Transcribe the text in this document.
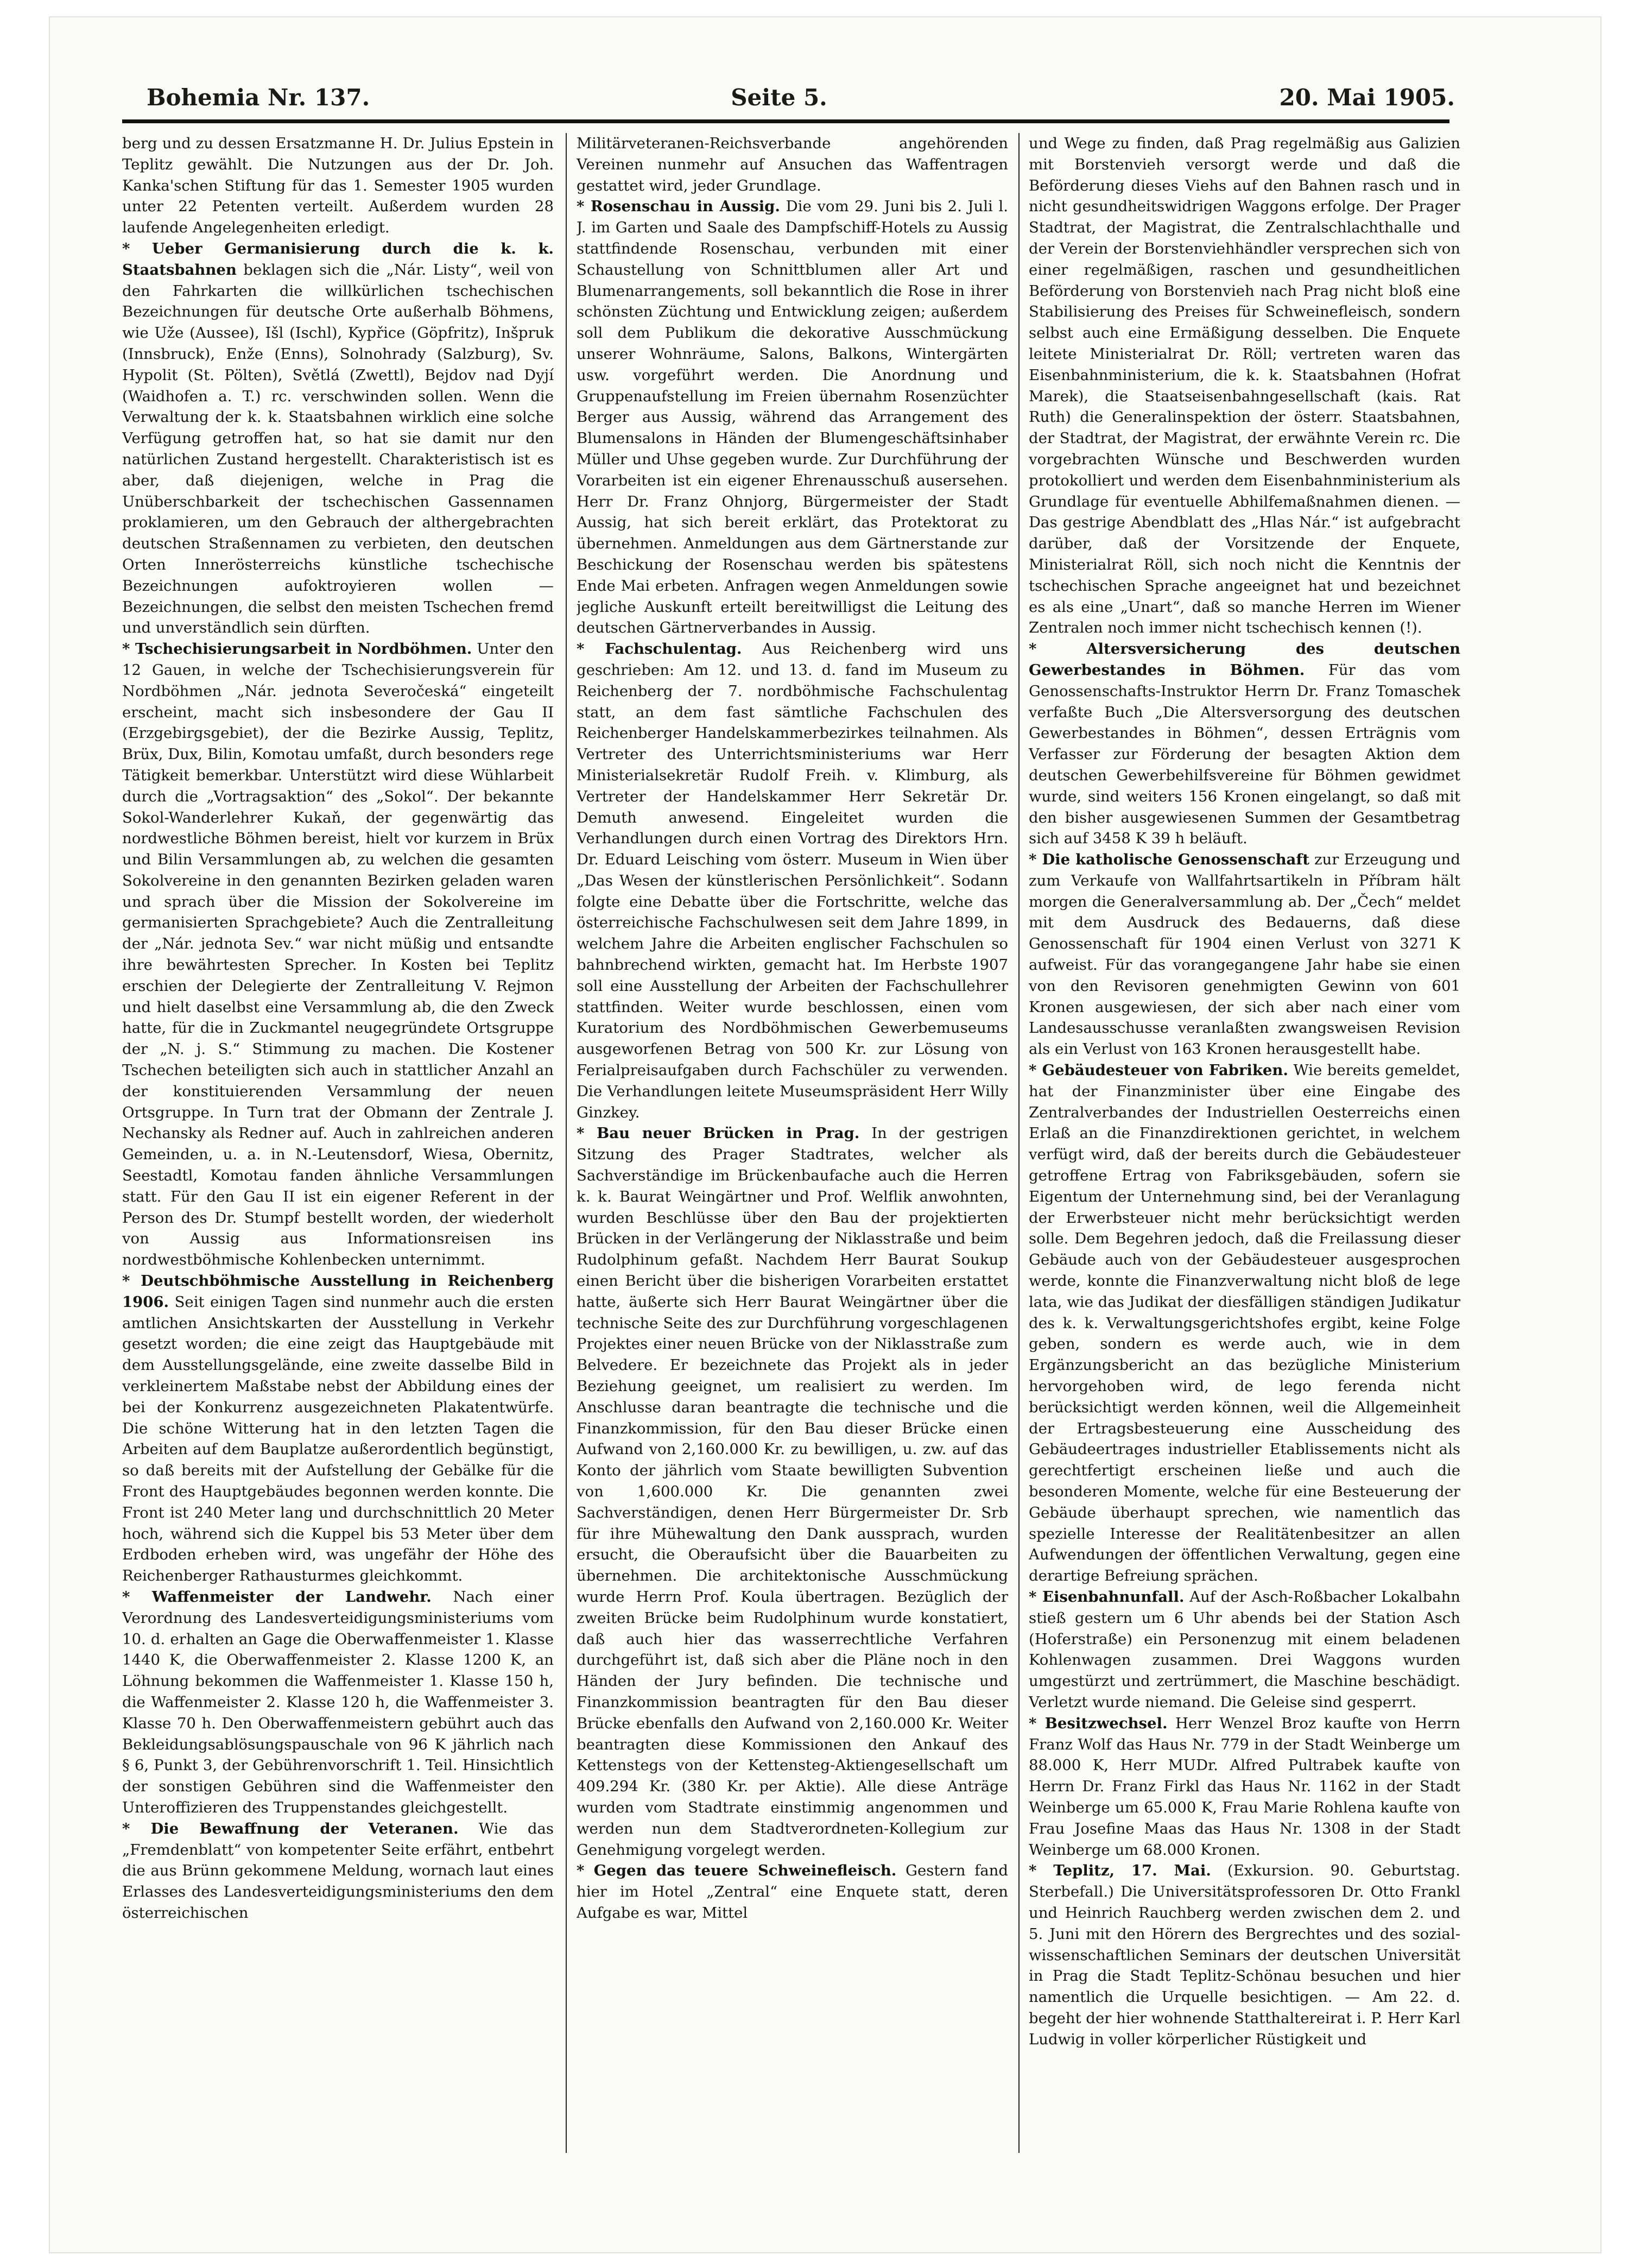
Bohemia Nr. 137.	Seite 5.	20. Mai 1905.

berg und zu dessen Ersatzmanne H. Dr. Julius Epstein in Teplitz gewählt. Die Nutzungen aus der Dr. Joh. Kanka'schen Stiftung für das 1. Semester 1905 wurden unter 22 Petenten verteilt. Außerdem wurden 28 laufende Angelegenheiten erledigt.

* Ueber Germanisierung durch die k. k. Staatsbahnen beklagen sich die „Nár. Listy“, weil von den Fahrkarten die willkürlichen tschechischen Bezeichnungen für deutsche Orte außerhalb Böhmens, wie Uže (Aussee), Išl (Ischl), Kypřice (Göpfritz), Inšpruk (Innsbruck), Enže (Enns), Solnohrady (Salzburg), Sv. Hypolit (St. Pölten), Světlá (Zwettl), Bejdov nad Dyjí (Waidhofen a. T.) rc. verschwinden sollen. Wenn die Verwaltung der k. k. Staatsbahnen wirklich eine solche Verfügung getroffen hat, so hat sie damit nur den natürlichen Zustand hergestellt. Charakteristisch ist es aber, daß diejenigen, welche in Prag die Unüberschbarkeit der tschechischen Gassennamen proklamieren, um den Gebrauch der althergebrachten deutschen Straßennamen zu verbieten, den deutschen Orten Innerösterreichs künstliche tschechische Bezeichnungen aufoktroyieren wollen — Bezeichnungen, die selbst den meisten Tschechen fremd und unverständlich sein dürften.

* Tschechisierungsarbeit in Nordböhmen. Unter den 12 Gauen, in welche der Tschechisierungsverein für Nordböhmen „Nár. jednota Severočeská“ eingeteilt erscheint, macht sich insbesondere der Gau II (Erzgebirgsgebiet), der die Bezirke Aussig, Teplitz, Brüx, Dux, Bilin, Komotau umfaßt, durch besonders rege Tätigkeit bemerkbar. Unterstützt wird diese Wühlarbeit durch die „Vortragsaktion“ des „Sokol“. Der bekannte Sokol-Wanderlehrer Kukaň, der gegenwärtig das nordwestliche Böhmen bereist, hielt vor kurzem in Brüx und Bilin Versammlungen ab, zu welchen die gesamten Sokolvereine in den genannten Bezirken geladen waren und sprach über die Mission der Sokolvereine im germanisierten Sprachgebiete? Auch die Zentralleitung der „Nár. jednota Sev.“ war nicht müßig und entsandte ihre bewährtesten Sprecher. In Kosten bei Teplitz erschien der Delegierte der Zentralleitung V. Rejmon und hielt daselbst eine Versammlung ab, die den Zweck hatte, für die in Zuckmantel neugegründete Ortsgruppe der „N. j. S.“ Stimmung zu machen. Die Kostener Tschechen beteiligten sich auch in stattlicher Anzahl an der konstituierenden Versammlung der neuen Ortsgruppe. In Turn trat der Obmann der Zentrale J. Nechansky als Redner auf. Auch in zahlreichen anderen Gemeinden, u. a. in N.-Leutensdorf, Wiesa, Obernitz, Seestadtl, Komotau fanden ähnliche Versammlungen statt. Für den Gau II ist ein eigener Referent in der Person des Dr. Stumpf bestellt worden, der wiederholt von Aussig aus Informationsreisen ins nordwestböhmische Kohlenbecken unternimmt.

* Deutschböhmische Ausstellung in Reichenberg 1906. Seit einigen Tagen sind nunmehr auch die ersten amtlichen Ansichtskarten der Ausstellung in Verkehr gesetzt worden; die eine zeigt das Hauptgebäude mit dem Ausstellungsgelände, eine zweite dasselbe Bild in verkleinertem Maßstabe nebst der Abbildung eines der bei der Konkurrenz ausgezeichneten Plakatentwürfe. Die schöne Witterung hat in den letzten Tagen die Arbeiten auf dem Bauplatze außerordentlich begünstigt, so daß bereits mit der Aufstellung der Gebälke für die Front des Hauptgebäudes begonnen werden konnte. Die Front ist 240 Meter lang und durchschnittlich 20 Meter hoch, während sich die Kuppel bis 53 Meter über dem Erdboden erheben wird, was ungefähr der Höhe des Reichenberger Rathausturmes gleichkommt.

* Waffenmeister der Landwehr. Nach einer Verordnung des Landesverteidigungsministeriums vom 10. d. erhalten an Gage die Oberwaffenmeister 1. Klasse 1440 K, die Oberwaffenmeister 2. Klasse 1200 K, an Löhnung bekommen die Waffenmeister 1. Klasse 150 h, die Waffenmeister 2. Klasse 120 h, die Waffenmeister 3. Klasse 70 h. Den Oberwaffenmeistern gebührt auch das Bekleidungsablösungspauschale von 96 K jährlich nach § 6, Punkt 3, der Gebührenvorschrift 1. Teil. Hinsichtlich der sonstigen Gebühren sind die Waffenmeister den Unteroffizieren des Truppenstandes gleichgestellt.

* Die Bewaffnung der Veteranen. Wie das „Fremdenblatt“ von kompetenter Seite erfährt, entbehrt die aus Brünn gekommene Meldung, wornach laut eines Erlasses des Landesverteidigungsministeriums den dem österreichischen

Militärveteranen-Reichsverbande angehörenden Vereinen nunmehr auf Ansuchen das Waffentragen gestattet wird, jeder Grundlage.

* Rosenschau in Aussig. Die vom 29. Juni bis 2. Juli l. J. im Garten und Saale des Dampfschiff-Hotels zu Aussig stattfindende Rosenschau, verbunden mit einer Schaustellung von Schnittblumen aller Art und Blumenarrangements, soll bekanntlich die Rose in ihrer schönsten Züchtung und Entwicklung zeigen; außerdem soll dem Publikum die dekorative Ausschmückung unserer Wohnräume, Salons, Balkons, Wintergärten usw. vorgeführt werden. Die Anordnung und Gruppenaufstellung im Freien übernahm Rosenzüchter Berger aus Aussig, während das Arrangement des Blumensalons in Händen der Blumengeschäftsinhaber Müller und Uhse gegeben wurde. Zur Durchführung der Vorarbeiten ist ein eigener Ehrenausschuß ausersehen. Herr Dr. Franz Ohnjorg, Bürgermeister der Stadt Aussig, hat sich bereit erklärt, das Protektorat zu übernehmen. Anmeldungen aus dem Gärtnerstande zur Beschickung der Rosenschau werden bis spätestens Ende Mai erbeten. Anfragen wegen Anmeldungen sowie jegliche Auskunft erteilt bereitwilligst die Leitung des deutschen Gärtnerverbandes in Aussig.

* Fachschulentag. Aus Reichenberg wird uns geschrieben: Am 12. und 13. d. fand im Museum zu Reichenberg der 7. nordböhmische Fachschulentag statt, an dem fast sämtliche Fachschulen des Reichenberger Handelskammerbezirkes teilnahmen. Als Vertreter des Unterrichtsministeriums war Herr Ministerialsekretär Rudolf Freih. v. Klimburg, als Vertreter der Handelskammer Herr Sekretär Dr. Demuth anwesend. Eingeleitet wurden die Verhandlungen durch einen Vortrag des Direktors Hrn. Dr. Eduard Leisching vom österr. Museum in Wien über „Das Wesen der künstlerischen Persönlichkeit“. Sodann folgte eine Debatte über die Fortschritte, welche das österreichische Fachschulwesen seit dem Jahre 1899, in welchem Jahre die Arbeiten englischer Fachschulen so bahnbrechend wirkten, gemacht hat. Im Herbste 1907 soll eine Ausstellung der Arbeiten der Fachschullehrer stattfinden. Weiter wurde beschlossen, einen vom Kuratorium des Nordböhmischen Gewerbemuseums ausgeworfenen Betrag von 500 Kr. zur Lösung von Ferialpreisaufgaben durch Fachschüler zu verwenden. Die Verhandlungen leitete Museumspräsident Herr Willy Ginzkey.

* Bau neuer Brücken in Prag. In der gestrigen Sitzung des Prager Stadtrates, welcher als Sachverständige im Brückenbaufache auch die Herren k. k. Baurat Weingärtner und Prof. Welflik anwohnten, wurden Beschlüsse über den Bau der projektierten Brücken in der Verlängerung der Niklasstraße und beim Rudolphinum gefaßt. Nachdem Herr Baurat Soukup einen Bericht über die bisherigen Vorarbeiten erstattet hatte, äußerte sich Herr Baurat Weingärtner über die technische Seite des zur Durchführung vorgeschlagenen Projektes einer neuen Brücke von der Niklasstraße zum Belvedere. Er bezeichnete das Projekt als in jeder Beziehung geeignet, um realisiert zu werden. Im Anschlusse daran beantragte die technische und die Finanzkommission, für den Bau dieser Brücke einen Aufwand von 2,160.000 Kr. zu bewilligen, u. zw. auf das Konto der jährlich vom Staate bewilligten Subvention von 1,600.000 Kr. Die genannten zwei Sachverständigen, denen Herr Bürgermeister Dr. Srb für ihre Mühewaltung den Dank aussprach, wurden ersucht, die Oberaufsicht über die Bauarbeiten zu übernehmen. Die architektonische Ausschmückung wurde Herrn Prof. Koula übertragen. Bezüglich der zweiten Brücke beim Rudolphinum wurde konstatiert, daß auch hier das wasserrechtliche Verfahren durchgeführt ist, daß sich aber die Pläne noch in den Händen der Jury befinden. Die technische und Finanzkommission beantragten für den Bau dieser Brücke ebenfalls den Aufwand von 2,160.000 Kr. Weiter beantragten diese Kommissionen den Ankauf des Kettenstegs von der Kettensteg-Aktiengesellschaft um 409.294 Kr. (380 Kr. per Aktie). Alle diese Anträge wurden vom Stadtrate einstimmig angenommen und werden nun dem Stadtverordneten-Kollegium zur Genehmigung vorgelegt werden.

* Gegen das teuere Schweinefleisch. Gestern fand hier im Hotel „Zentral“ eine Enquete statt, deren Aufgabe es war, Mittel

und Wege zu finden, daß Prag regelmäßig aus Galizien mit Borstenvieh versorgt werde und daß die Beförderung dieses Viehs auf den Bahnen rasch und in nicht gesundheitswidrigen Waggons erfolge. Der Prager Stadtrat, der Magistrat, die Zentralschlachthalle und der Verein der Borstenviehhändler versprechen sich von einer regelmäßigen, raschen und gesundheitlichen Beförderung von Borstenvieh nach Prag nicht bloß eine Stabilisierung des Preises für Schweinefleisch, sondern selbst auch eine Ermäßigung desselben. Die Enquete leitete Ministerialrat Dr. Röll; vertreten waren das Eisenbahnministerium, die k. k. Staatsbahnen (Hofrat Marek), die Staatseisenbahngesellschaft (kais. Rat Ruth) die Generalinspektion der österr. Staatsbahnen, der Stadtrat, der Magistrat, der erwähnte Verein rc. Die vorgebrachten Wünsche und Beschwerden wurden protokolliert und werden dem Eisenbahnministerium als Grundlage für eventuelle Abhilfemaßnahmen dienen. — Das gestrige Abendblatt des „Hlas Nár.“ ist aufgebracht darüber, daß der Vorsitzende der Enquete, Ministerialrat Röll, sich noch nicht die Kenntnis der tschechischen Sprache angeeignet hat und bezeichnet es als eine „Unart“, daß so manche Herren im Wiener Zentralen noch immer nicht tschechisch kennen (!).

* Altersversicherung des deutschen Gewerbestandes in Böhmen. Für das vom Genossenschafts-Instruktor Herrn Dr. Franz Tomaschek verfaßte Buch „Die Altersversorgung des deutschen Gewerbestandes in Böhmen“, dessen Erträgnis vom Verfasser zur Förderung der besagten Aktion dem deutschen Gewerbehilfsvereine für Böhmen gewidmet wurde, sind weiters 156 Kronen eingelangt, so daß mit den bisher ausgewiesenen Summen der Gesamtbetrag sich auf 3458 K 39 h beläuft.

* Die katholische Genossenschaft zur Erzeugung und zum Verkaufe von Wallfahrtsartikeln in Příbram hält morgen die Generalversammlung ab. Der „Čech“ meldet mit dem Ausdruck des Bedauerns, daß diese Genossenschaft für 1904 einen Verlust von 3271 K aufweist. Für das vorangegangene Jahr habe sie einen von den Revisoren genehmigten Gewinn von 601 Kronen ausgewiesen, der sich aber nach einer vom Landesausschusse veranlaßten zwangsweisen Revision als ein Verlust von 163 Kronen herausgestellt habe.

* Gebäudesteuer von Fabriken. Wie bereits gemeldet, hat der Finanzminister über eine Eingabe des Zentralverbandes der Industriellen Oesterreichs einen Erlaß an die Finanzdirektionen gerichtet, in welchem verfügt wird, daß der bereits durch die Gebäudesteuer getroffene Ertrag von Fabriksgebäuden, sofern sie Eigentum der Unternehmung sind, bei der Veranlagung der Erwerbsteuer nicht mehr berücksichtigt werden solle. Dem Begehren jedoch, daß die Freilassung dieser Gebäude auch von der Gebäudesteuer ausgesprochen werde, konnte die Finanzverwaltung nicht bloß de lege lata, wie das Judikat der diesfälligen ständigen Judikatur des k. k. Verwaltungsgerichtshofes ergibt, keine Folge geben, sondern es werde auch, wie in dem Ergänzungsbericht an das bezügliche Ministerium hervorgehoben wird, de lego ferenda nicht berücksichtigt werden können, weil die Allgemeinheit der Ertragsbesteuerung eine Ausscheidung des Gebäudeertrages industrieller Etablissements nicht als gerechtfertigt erscheinen ließe und auch die besonderen Momente, welche für eine Besteuerung der Gebäude überhaupt sprechen, wie namentlich das spezielle Interesse der Realitätenbesitzer an allen Aufwendungen der öffentlichen Verwaltung, gegen eine derartige Befreiung sprächen.

* Eisenbahnunfall. Auf der Asch-Roßbacher Lokalbahn stieß gestern um 6 Uhr abends bei der Station Asch (Hoferstraße) ein Personenzug mit einem beladenen Kohlenwagen zusammen. Drei Waggons wurden umgestürzt und zertrümmert, die Maschine beschädigt. Verletzt wurde niemand. Die Geleise sind gesperrt.

* Besitzwechsel. Herr Wenzel Broz kaufte von Herrn Franz Wolf das Haus Nr. 779 in der Stadt Weinberge um 88.000 K, Herr MUDr. Alfred Pultrabek kaufte von Herrn Dr. Franz Firkl das Haus Nr. 1162 in der Stadt Weinberge um 65.000 K, Frau Marie Rohlena kaufte von Frau Josefine Maas das Haus Nr. 1308 in der Stadt Weinberge um 68.000 Kronen.

* Teplitz, 17. Mai. (Exkursion. 90. Geburtstag. Sterbefall.) Die Universitätsprofessoren Dr. Otto Frankl und Heinrich Rauchberg werden zwischen dem 2. und 5. Juni mit den Hörern des Bergrechtes und des sozial-wissenschaftlichen Seminars der deutschen Universität in Prag die Stadt Teplitz-Schönau besuchen und hier namentlich die Urquelle besichtigen. — Am 22. d. begeht der hier wohnende Statthaltereirat i. P. Herr Karl Ludwig in voller körperlicher Rüstigkeit und
